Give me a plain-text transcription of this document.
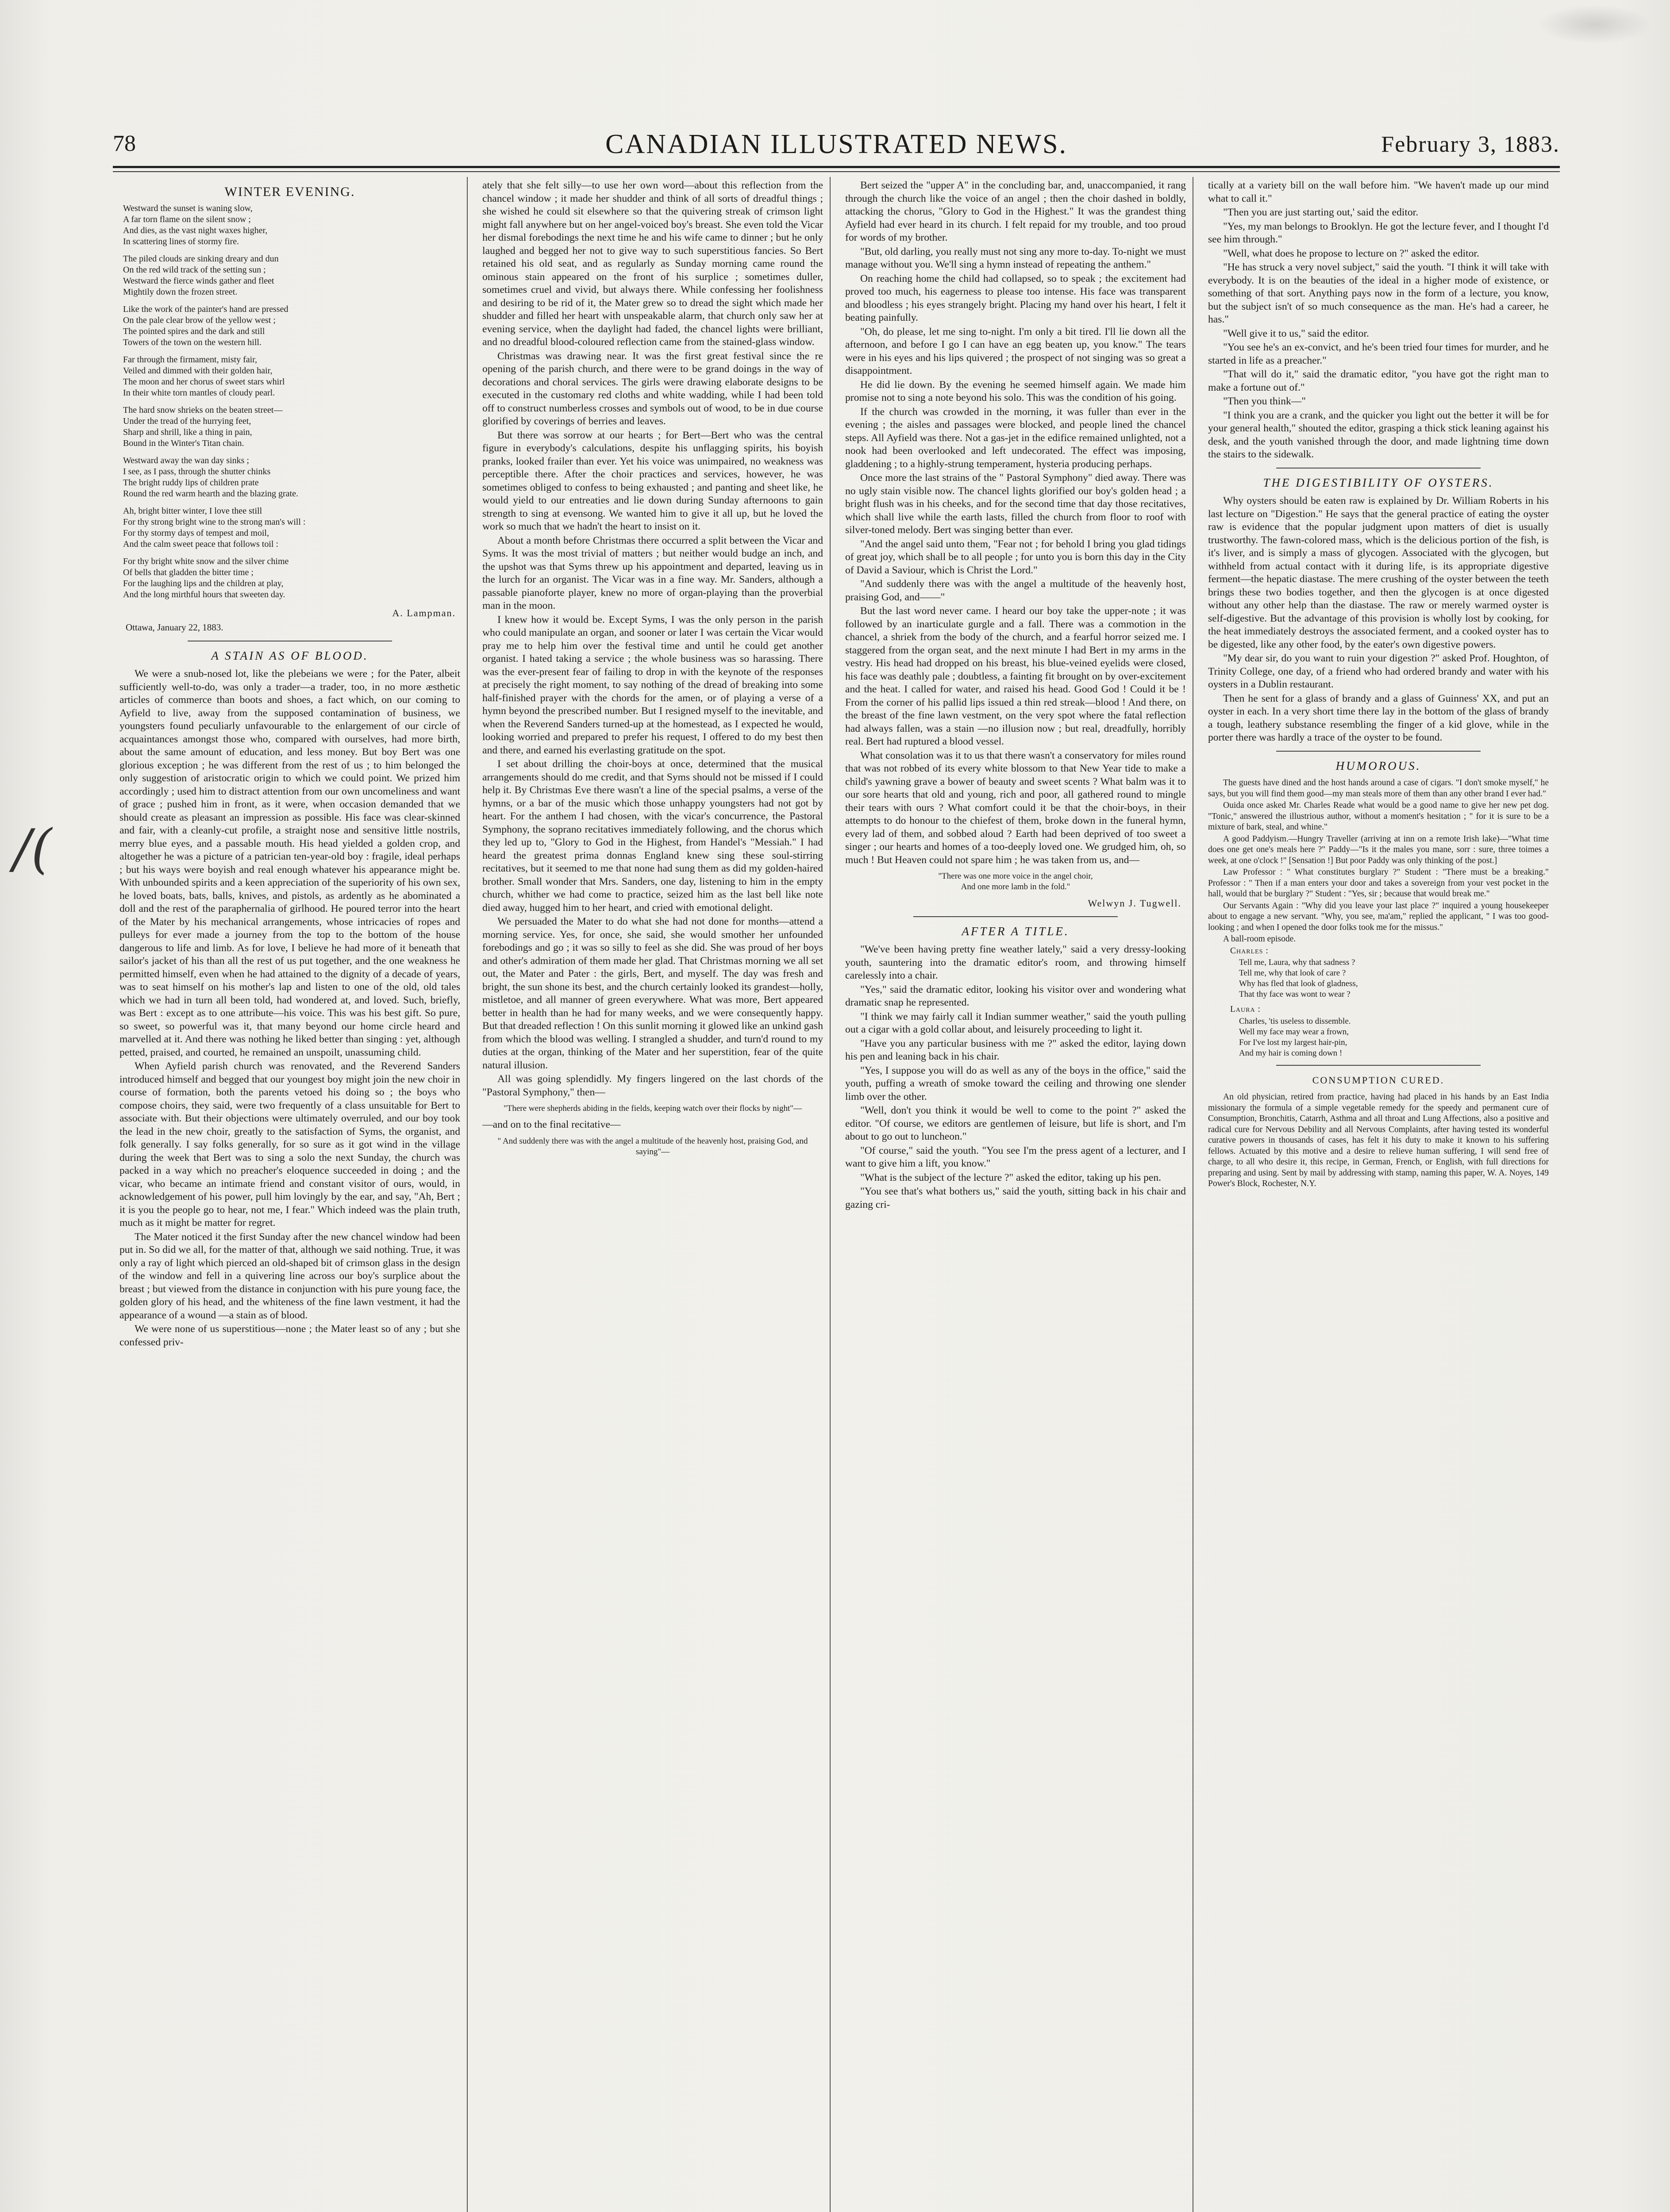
78	CANADIAN ILLUSTRATED NEWS.	February 3, 1883.
/(
WINTER EVENING.
Westward the sunset is waning slow,
A far torn flame on the silent snow ;
And dies, as the vast night waxes higher,
In scattering lines of stormy fire.
The piled clouds are sinking dreary and dun
On the red wild track of the setting sun ;
Westward the fierce winds gather and fleet
Mightily down the frozen street.
Like the work of the painter's hand are pressed
On the pale clear brow of the yellow west ;
The pointed spires and the dark and still
Towers of the town on the western hill.
Far through the firmament, misty fair,
Veiled and dimmed with their golden hair,
The moon and her chorus of sweet stars whirl
In their white torn mantles of cloudy pearl.
The hard snow shrieks on the beaten street—
Under the tread of the hurrying feet,
Sharp and shrill, like a thing in pain,
Bound in the Winter's Titan chain.
Westward away the wan day sinks ;
I see, as I pass, through the shutter chinks
The bright ruddy lips of children prate
Round the red warm hearth and the blazing grate.
Ah, bright bitter winter, I love thee still
For thy strong bright wine to the strong man's will :
For thy stormy days of tempest and moil,
And the calm sweet peace that follows toil :
For thy bright white snow and the silver chime
Of bells that gladden the bitter time ;
For the laughing lips and the children at play,
And the long mirthful hours that sweeten day.
A. Lampman.
Ottawa, January 22, 1883.
A STAIN AS OF BLOOD.

We were a snub-nosed lot, like the plebeians we were ; for the Pater, albeit sufficiently well-to-do, was only a trader—a trader, too, in no more æsthetic articles of commerce than boots and shoes, a fact which, on our coming to Ayfield to live, away from the supposed contamination of business, we youngsters found peculiarly unfavourable to the enlargement of our circle of acquaintances amongst those who, compared with ourselves, had more birth, about the same amount of education, and less money. But boy Bert was one glorious exception ; he was different from the rest of us ; to him belonged the only suggestion of aristocratic origin to which we could point. We prized him accordingly ; used him to distract attention from our own uncomeliness and want of grace ; pushed him in front, as it were, when occasion demanded that we should create as pleasant an impression as possible. His face was clear-skinned and fair, with a cleanly-cut profile, a straight nose and sensitive little nostrils, merry blue eyes, and a passable mouth. His head yielded a golden crop, and altogether he was a picture of a patrician ten-year-old boy : fragile, ideal perhaps ; but his ways were boyish and real enough whatever his appearance might be. With unbounded spirits and a keen appreciation of the superiority of his own sex, he loved boats, bats, balls, knives, and pistols, as ardently as he abominated a doll and the rest of the paraphernalia of girlhood. He poured terror into the heart of the Mater by his mechanical arrangements, whose intricacies of ropes and pulleys for ever made a journey from the top to the bottom of the house dangerous to life and limb. As for love, I believe he had more of it beneath that sailor's jacket of his than all the rest of us put together, and the one weakness he permitted himself, even when he had attained to the dignity of a decade of years, was to seat himself on his mother's lap and listen to one of the old, old tales which we had in turn all been told, had wondered at, and loved. Such, briefly, was Bert : except as to one attribute—his voice. This was his best gift. So pure, so sweet, so powerful was it, that many beyond our home circle heard and marvelled at it. And there was nothing he liked better than singing : yet, although petted, praised, and courted, he remained an unspoilt, unassuming child.

When Ayfield parish church was renovated, and the Reverend Sanders introduced himself and begged that our youngest boy might join the new choir in course of formation, both the parents vetoed his doing so ; the boys who compose choirs, they said, were two frequently of a class unsuitable for Bert to associate with. But their objections were ultimately overruled, and our boy took the lead in the new choir, greatly to the satisfaction of Syms, the organist, and folk generally. I say folks generally, for so sure as it got wind in the village during the week that Bert was to sing a solo the next Sunday, the church was packed in a way which no preacher's eloquence succeeded in doing ; and the vicar, who became an intimate friend and constant visitor of ours, would, in acknowledgement of his power, pull him lovingly by the ear, and say, "Ah, Bert ; it is you the people go to hear, not me, I fear." Which indeed was the plain truth, much as it might be matter for regret.

The Mater noticed it the first Sunday after the new chancel window had been put in. So did we all, for the matter of that, although we said nothing. True, it was only a ray of light which pierced an old-shaped bit of crimson glass in the design of the window and fell in a quivering line across our boy's surplice about the breast ; but viewed from the distance in conjunction with his pure young face, the golden glory of his head, and the whiteness of the fine lawn vestment, it had the appearance of a wound —a stain as of blood.

We were none of us superstitious—none ; the Mater least so of any ; but she confessed priv-

ately that she felt silly—to use her own word—about this reflection from the chancel window ; it made her shudder and think of all sorts of dreadful things ; she wished he could sit elsewhere so that the quivering streak of crimson light might fall anywhere but on her angel-voiced boy's breast. She even told the Vicar her dismal forebodings the next time he and his wife came to dinner ; but he only laughed and begged her not to give way to such superstitious fancies. So Bert retained his old seat, and as regularly as Sunday morning came round the ominous stain appeared on the front of his surplice ; sometimes duller, sometimes cruel and vivid, but always there. While confessing her foolishness and desiring to be rid of it, the Mater grew so to dread the sight which made her shudder and filled her heart with unspeakable alarm, that church only saw her at evening service, when the daylight had faded, the chancel lights were brilliant, and no dreadful blood-coloured reflection came from the stained-glass window.

Christmas was drawing near. It was the first great festival since the re opening of the parish church, and there were to be grand doings in the way of decorations and choral services. The girls were drawing elaborate designs to be executed in the customary red cloths and white wadding, while I had been told off to construct numberless crosses and symbols out of wood, to be in due course glorified by coverings of berries and leaves.

But there was sorrow at our hearts ; for Bert—Bert who was the central figure in everybody's calculations, despite his unflagging spirits, his boyish pranks, looked frailer than ever. Yet his voice was unimpaired, no weakness was perceptible there. After the choir practices and services, however, he was sometimes obliged to confess to being exhausted ; and panting and sheet like, he would yield to our entreaties and lie down during Sunday afternoons to gain strength to sing at evensong. We wanted him to give it all up, but he loved the work so much that we hadn't the heart to insist on it.

About a month before Christmas there occurred a split between the Vicar and Syms. It was the most trivial of matters ; but neither would budge an inch, and the upshot was that Syms threw up his appointment and departed, leaving us in the lurch for an organist. The Vicar was in a fine way. Mr. Sanders, although a passable pianoforte player, knew no more of organ-playing than the proverbial man in the moon.

I knew how it would be. Except Syms, I was the only person in the parish who could manipulate an organ, and sooner or later I was certain the Vicar would pray me to help him over the festival time and until he could get another organist. I hated taking a service ; the whole business was so harassing. There was the ever-present fear of failing to drop in with the keynote of the responses at precisely the right moment, to say nothing of the dread of breaking into some half-finished prayer with the chords for the amen, or of playing a verse of a hymn beyond the prescribed number. But I resigned myself to the inevitable, and when the Reverend Sanders turned-up at the homestead, as I expected he would, looking worried and prepared to prefer his request, I offered to do my best then and there, and earned his everlasting gratitude on the spot.

I set about drilling the choir-boys at once, determined that the musical arrangements should do me credit, and that Syms should not be missed if I could help it. By Christmas Eve there wasn't a line of the special psalms, a verse of the hymns, or a bar of the music which those unhappy youngsters had not got by heart. For the anthem I had chosen, with the vicar's concurrence, the Pastoral Symphony, the soprano recitatives immediately following, and the chorus which they led up to, "Glory to God in the Highest, from Handel's "Messiah." I had heard the greatest prima donnas England knew sing these soul-stirring recitatives, but it seemed to me that none had sung them as did my golden-haired brother. Small wonder that Mrs. Sanders, one day, listening to him in the empty church, whither we had come to practice, seized him as the last bell like note died away, hugged him to her heart, and cried with emotional delight.

We persuaded the Mater to do what she had not done for months—attend a morning service. Yes, for once, she said, she would smother her unfounded forebodings and go ; it was so silly to feel as she did. She was proud of her boys and other's admiration of them made her glad. That Christmas morning we all set out, the Mater and Pater : the girls, Bert, and myself. The day was fresh and bright, the sun shone its best, and the church certainly looked its grandest—holly, mistletoe, and all manner of green everywhere. What was more, Bert appeared better in health than he had for many weeks, and we were consequently happy. But that dreaded reflection ! On this sunlit morning it glowed like an unkind gash from which the blood was welling. I strangled a shudder, and turn'd round to my duties at the organ, thinking of the Mater and her superstition, fear of the quite natural illusion.

All was going splendidly. My fingers lingered on the last chords of the "Pastoral Symphony," then—

"There were shepherds abiding in the fields, keeping watch over their flocks by night"—

—and on to the final recitative—

" And suddenly there was with the angel a multitude of the heavenly host, praising God, and saying"—

Bert seized the "upper A" in the concluding bar, and, unaccompanied, it rang through the church like the voice of an angel ; then the choir dashed in boldly, attacking the chorus, "Glory to God in the Highest." It was the grandest thing Ayfield had ever heard in its church. I felt repaid for my trouble, and too proud for words of my brother.

"But, old darling, you really must not sing any more to-day. To-night we must manage without you. We'll sing a hymn instead of repeating the anthem."

On reaching home the child had collapsed, so to speak ; the excitement had proved too much, his eagerness to please too intense. His face was transparent and bloodless ; his eyes strangely bright. Placing my hand over his heart, I felt it beating painfully.

"Oh, do please, let me sing to-night. I'm only a bit tired. I'll lie down all the afternoon, and before I go I can have an egg beaten up, you know." The tears were in his eyes and his lips quivered ; the prospect of not singing was so great a disappointment.

He did lie down. By the evening he seemed himself again. We made him promise not to sing a note beyond his solo. This was the condition of his going.

If the church was crowded in the morning, it was fuller than ever in the evening ; the aisles and passages were blocked, and people lined the chancel steps. All Ayfield was there. Not a gas-jet in the edifice remained unlighted, not a nook had been overlooked and left undecorated. The effect was imposing, gladdening ; to a highly-strung temperament, hysteria producing perhaps.

Once more the last strains of the " Pastoral Symphony" died away. There was no ugly stain visible now. The chancel lights glorified our boy's golden head ; a bright flush was in his cheeks, and for the second time that day those recitatives, which shall live while the earth lasts, filled the church from floor to roof with silver-toned melody. Bert was singing better than ever.

"And the angel said unto them, "Fear not ; for behold I bring you glad tidings of great joy, which shall be to all people ; for unto you is born this day in the City of David a Saviour, which is Christ the Lord."

"And suddenly there was with the angel a multitude of the heavenly host, praising God, and——"

But the last word never came. I heard our boy take the upper-note ; it was followed by an inarticulate gurgle and a fall. There was a commotion in the chancel, a shriek from the body of the church, and a fearful horror seized me. I staggered from the organ seat, and the next minute I had Bert in my arms in the vestry. His head had dropped on his breast, his blue-veined eyelids were closed, his face was deathly pale ; doubtless, a fainting fit brought on by over-excitement and the heat. I called for water, and raised his head. Good God ! Could it be ! From the corner of his pallid lips issued a thin red streak—blood ! And there, on the breast of the fine lawn vestment, on the very spot where the fatal reflection had always fallen, was a stain —no illusion now ; but real, dreadfully, horribly real. Bert had ruptured a blood vessel.

What consolation was it to us that there wasn't a conservatory for miles round that was not robbed of its every white blossom to that New Year tide to make a child's yawning grave a bower of beauty and sweet scents ? What balm was it to our sore hearts that old and young, rich and poor, all gathered round to mingle their tears with ours ? What comfort could it be that the choir-boys, in their attempts to do honour to the chiefest of them, broke down in the funeral hymn, every lad of them, and sobbed aloud ? Earth had been deprived of too sweet a singer ; our hearts and homes of a too-deeply loved one. We grudged him, oh, so much ! But Heaven could not spare him ; he was taken from us, and—

"There was one more voice in the angel choir,
And one more lamb in the fold."
Welwyn J. Tugwell.
AFTER A TITLE.

"We've been having pretty fine weather lately," said a very dressy-looking youth, sauntering into the dramatic editor's room, and throwing himself carelessly into a chair.

"Yes," said the dramatic editor, looking his visitor over and wondering what dramatic snap he represented.

"I think we may fairly call it Indian summer weather," said the youth pulling out a cigar with a gold collar about, and leisurely proceeding to light it.

"Have you any particular business with me ?" asked the editor, laying down his pen and leaning back in his chair.

"Yes, I suppose you will do as well as any of the boys in the office," said the youth, puffing a wreath of smoke toward the ceiling and throwing one slender limb over the other.

"Well, don't you think it would be well to come to the point ?" asked the editor. "Of course, we editors are gentlemen of leisure, but life is short, and I'm about to go out to luncheon."

"Of course," said the youth. "You see I'm the press agent of a lecturer, and I want to give him a lift, you know."

"What is the subject of the lecture ?" asked the editor, taking up his pen.

"You see that's what bothers us," said the youth, sitting back in his chair and gazing cri-

tically at a variety bill on the wall before him. "We haven't made up our mind what to call it."

"Then you are just starting out,' said the editor.

"Yes, my man belongs to Brooklyn. He got the lecture fever, and I thought I'd see him through."

"Well, what does he propose to lecture on ?" asked the editor.

"He has struck a very novel subject," said the youth. "I think it will take with everybody. It is on the beauties of the ideal in a higher mode of existence, or something of that sort. Anything pays now in the form of a lecture, you know, but the subject isn't of so much consequence as the man. He's had a career, he has."

"Well give it to us," said the editor.

"You see he's an ex-convict, and he's been tried four times for murder, and he started in life as a preacher."

"That will do it," said the dramatic editor, "you have got the right man to make a fortune out of."

"Then you think—"

"I think you are a crank, and the quicker you light out the better it will be for your general health," shouted the editor, grasping a thick stick leaning against his desk, and the youth vanished through the door, and made lightning time down the stairs to the sidewalk.

THE DIGESTIBILITY OF OYSTERS.

Why oysters should be eaten raw is explained by Dr. William Roberts in his last lecture on "Digestion." He says that the general practice of eating the oyster raw is evidence that the popular judgment upon matters of diet is usually trustworthy. The fawn-colored mass, which is the delicious portion of the fish, is it's liver, and is simply a mass of glycogen. Associated with the glycogen, but withheld from actual contact with it during life, is its appropriate digestive ferment—the hepatic diastase. The mere crushing of the oyster between the teeth brings these two bodies together, and then the glycogen is at once digested without any other help than the diastase. The raw or merely warmed oyster is self-digestive. But the advantage of this provision is wholly lost by cooking, for the heat immediately destroys the associated ferment, and a cooked oyster has to be digested, like any other food, by the eater's own digestive powers.

"My dear sir, do you want to ruin your digestion ?" asked Prof. Houghton, of Trinity College, one day, of a friend who had ordered brandy and water with his oysters in a Dublin restaurant.

Then he sent for a glass of brandy and a glass of Guinness' XX, and put an oyster in each. In a very short time there lay in the bottom of the glass of brandy a tough, leathery substance resembling the finger of a kid glove, while in the porter there was hardly a trace of the oyster to be found.

HUMOROUS.

The guests have dined and the host hands around a case of cigars. "I don't smoke myself," he says, but you will find them good—my man steals more of them than any other brand I ever had."

Ouida once asked Mr. Charles Reade what would be a good name to give her new pet dog. "Tonic," answered the illustrious author, without a moment's hesitation ; " for it is sure to be a mixture of bark, steal, and whine."

A good Paddyism.—Hungry Traveller (arriving at inn on a remote Irish lake)—"What time does one get one's meals here ?" Paddy—"Is it the males you mane, sorr : sure, three toimes a week, at one o'clock !" [Sensation !] But poor Paddy was only thinking of the post.]

Law Professor : " What constitutes burglary ?" Student : "There must be a breaking." Professor : " Then if a man enters your door and takes a sovereign from your vest pocket in the hall, would that be burglary ?" Student : "Yes, sir ; because that would break me."

Our Servants Again : "Why did you leave your last place ?" inquired a young housekeeper about to engage a new servant. "Why, you see, ma'am," replied the applicant, " I was too good-looking ; and when I opened the door folks took me for the missus."

A ball-room episode.

Charles :

Tell me, Laura, why that sadness ?
Tell me, why that look of care ?
Why has fled that look of gladness,
That thy face was wont to wear ?

Laura :

Charles, 'tis useless to dissemble.
Well my face may wear a frown,
For I've lost my largest hair-pin,
And my hair is coming down !
CONSUMPTION CURED.

An old physician, retired from practice, having had placed in his hands by an East India missionary the formula of a simple vegetable remedy for the speedy and permanent cure of Consumption, Bronchitis, Catarrh, Asthma and all throat and Lung Affections, also a positive and radical cure for Nervous Debility and all Nervous Complaints, after having tested its wonderful curative powers in thousands of cases, has felt it his duty to make it known to his suffering fellows. Actuated by this motive and a desire to relieve human suffering, I will send free of charge, to all who desire it, this recipe, in German, French, or English, with full directions for preparing and using. Sent by mail by addressing with stamp, naming this paper, W. A. Noyes, 149 Power's Block, Rochester, N.Y.
